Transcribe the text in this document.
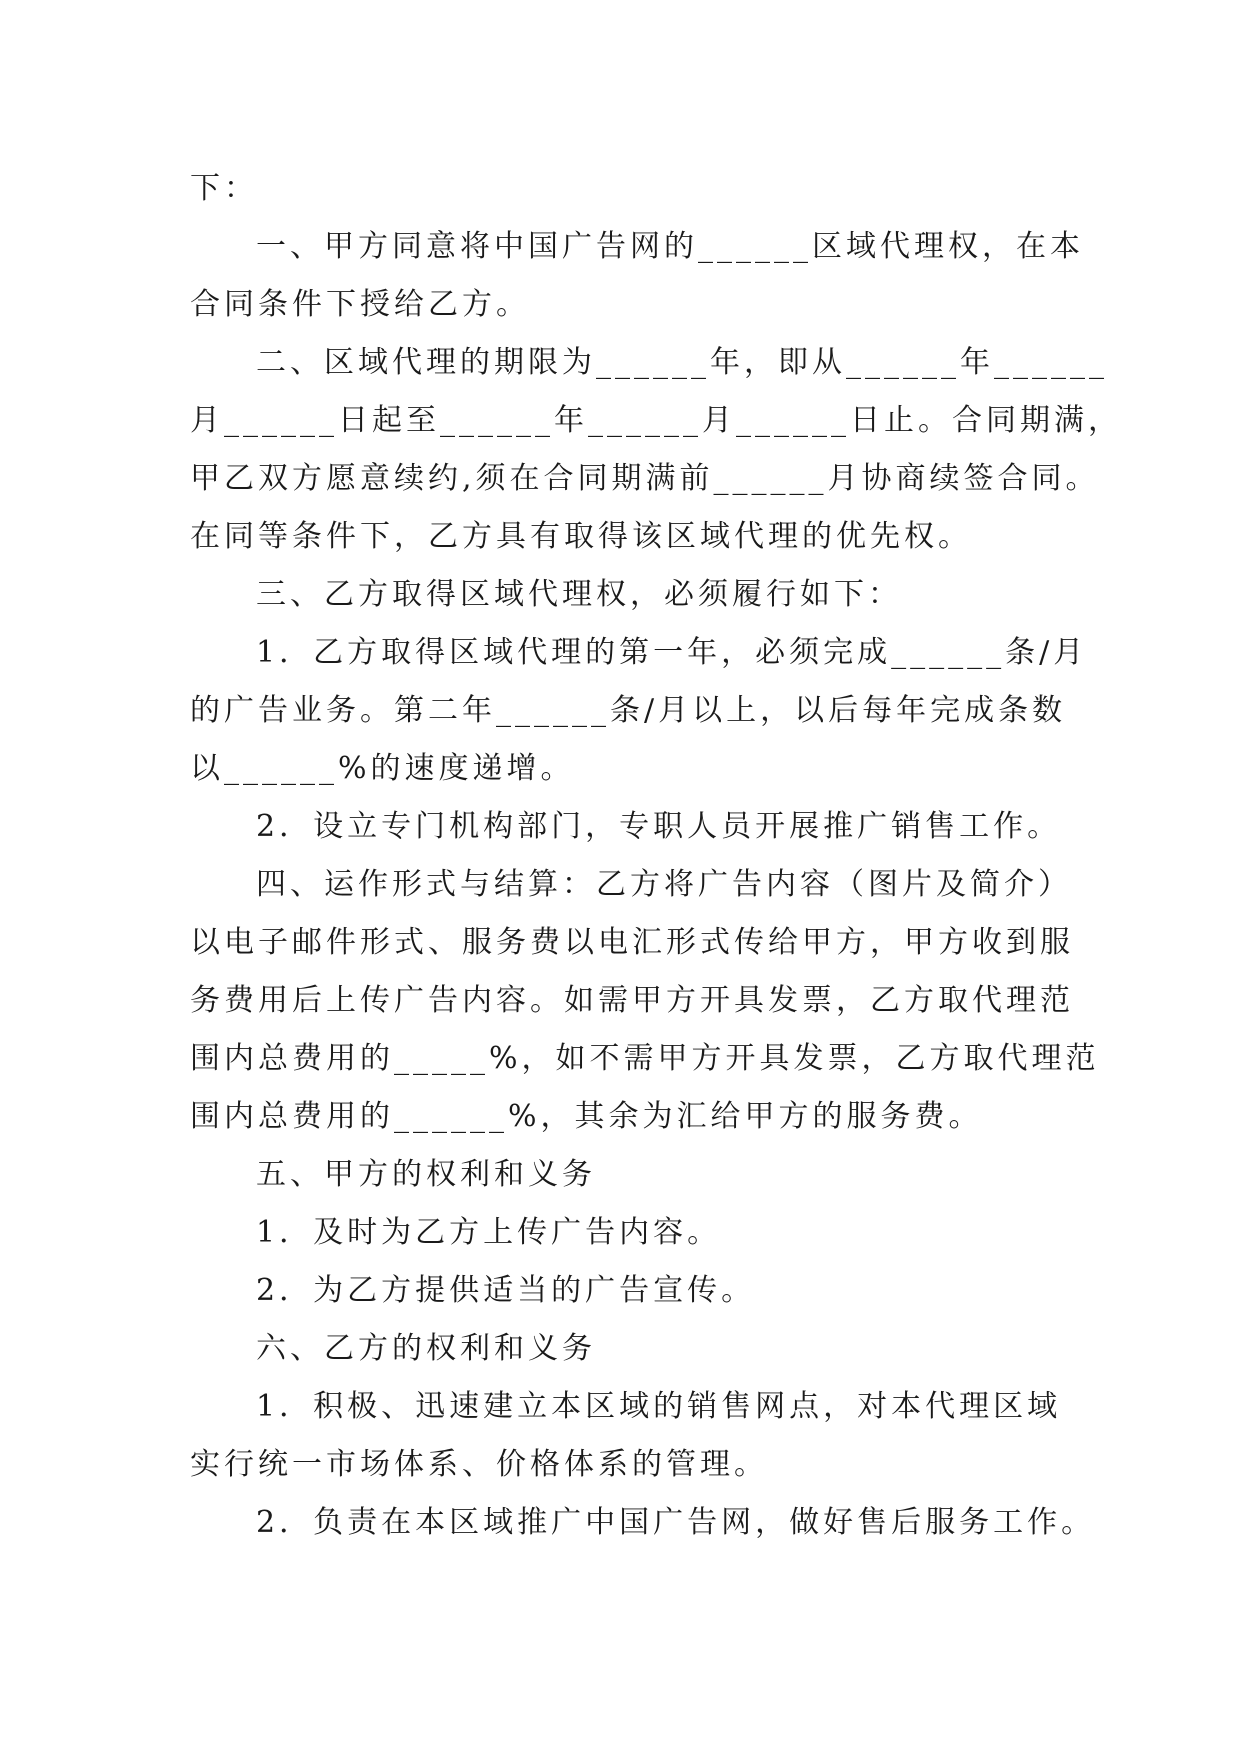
下：
一、甲方同意将中国广告网的______区域代理权，在本
合同条件下授给乙方。
二、区域代理的期限为______年，即从______年______
月______日起至______年______月______日止。合同期满，
甲乙双方愿意续约,须在合同期满前______月协商续签合同。
在同等条件下，乙方具有取得该区域代理的优先权。
三、乙方取得区域代理权，必须履行如下：
1．乙方取得区域代理的第一年，必须完成______条/月
的广告业务。第二年______条/月以上，以后每年完成条数
以______%的速度递增。
2．设立专门机构部门，专职人员开展推广销售工作。
四、运作形式与结算：乙方将广告内容（图片及简介）
以电子邮件形式、服务费以电汇形式传给甲方，甲方收到服
务费用后上传广告内容。如需甲方开具发票，乙方取代理范
围内总费用的_____%，如不需甲方开具发票，乙方取代理范
围内总费用的______%，其余为汇给甲方的服务费。
五、甲方的权利和义务
1．及时为乙方上传广告内容。
2．为乙方提供适当的广告宣传。
六、乙方的权利和义务
1．积极、迅速建立本区域的销售网点，对本代理区域
实行统一市场体系、价格体系的管理。
2．负责在本区域推广中国广告网，做好售后服务工作。
